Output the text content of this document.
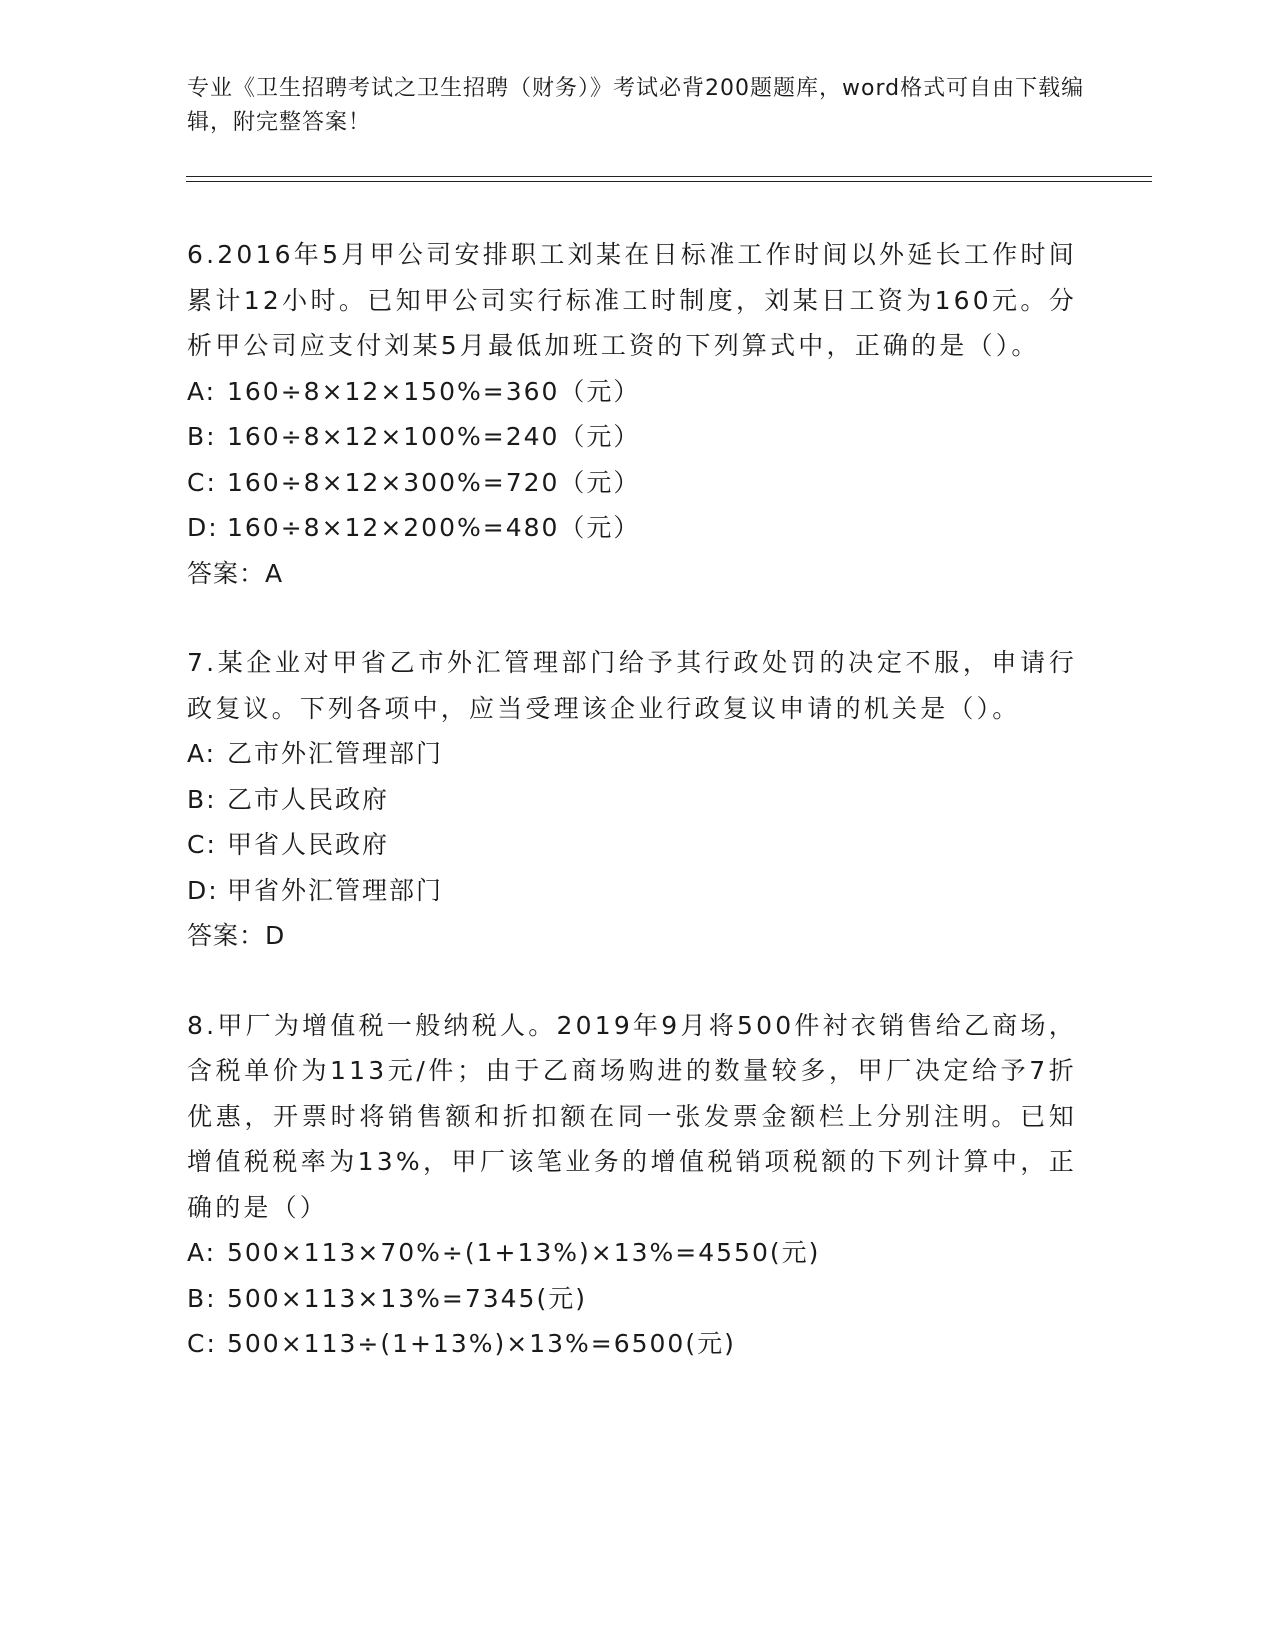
专业《卫生招聘考试之卫生招聘（财务）》考试必背200题题库，word格式可自由下载编辑，附完整答案！

6.2016年5月甲公司安排职工刘某在日标准工作时间以外延长工作时间累计12小时。已知甲公司实行标准工时制度，刘某日工资为160元。分析甲公司应支付刘某5月最低加班工资的下列算式中，正确的是（）。

A: 160÷8×12×150%=360（元）

B: 160÷8×12×100%=240（元）

C: 160÷8×12×300%=720（元）

D: 160÷8×12×200%=480（元）

答案：A

7.某企业对甲省乙市外汇管理部门给予其行政处罚的决定不服，申请行政复议。下列各项中，应当受理该企业行政复议申请的机关是（）。

A: 乙市外汇管理部门

B: 乙市人民政府

C: 甲省人民政府

D: 甲省外汇管理部门

答案：D

8.甲厂为增值税一般纳税人。2019年9月将500件衬衣销售给乙商场，含税单价为113元/件；由于乙商场购进的数量较多，甲厂决定给予7折优惠，开票时将销售额和折扣额在同一张发票金额栏上分别注明。已知增值税税率为13%，甲厂该笔业务的增值税销项税额的下列计算中，正确的是（）

A: 500×113×70%÷(1+13%)×13%=4550(元)

B: 500×113×13%=7345(元)

C: 500×113÷(1+13%)×13%=6500(元)
